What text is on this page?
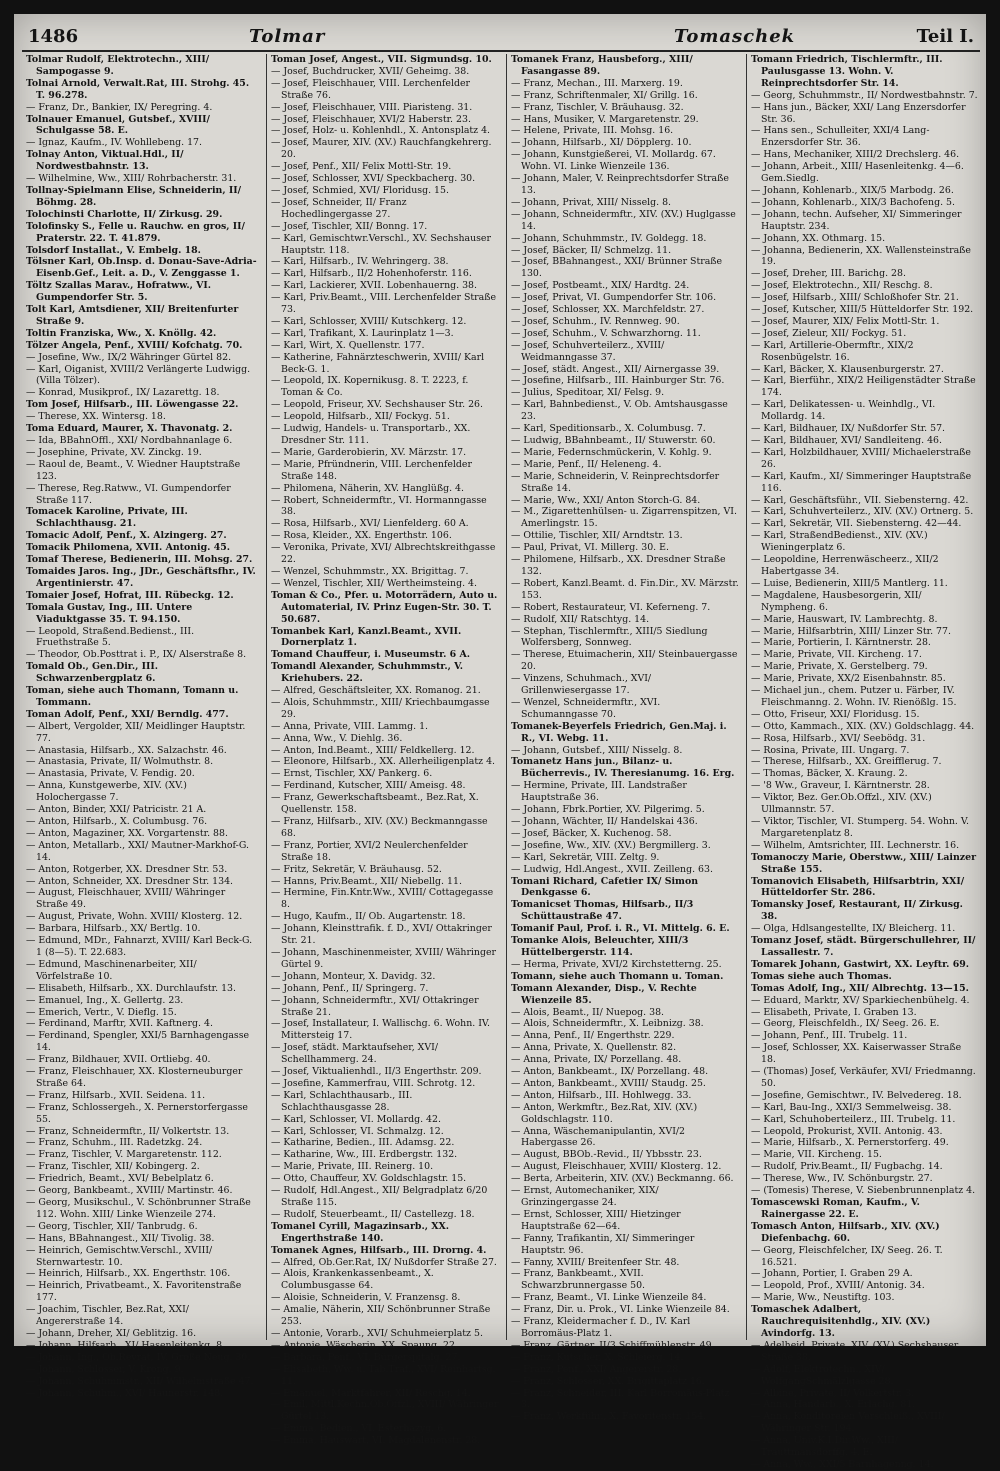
1486	Tolmar	Tomaschek	Teil I.

Tolmar Rudolf, Elektrotechn., XIII/ Sampogasse 9.

Tolnai Arnold, Verwalt.Rat, III. Strohg. 45. T. 96.278.

— Franz, Dr., Bankier, IX/ Peregring. 4.

Tolnauer Emanuel, Gutsbef., XVIII/ Schulgasse 58. E.

— Ignaz, Kaufm., IV. Wohllebeng. 17.

Tolnay Anton, Viktual.Hdl., II/ Nordwestbahnstr. 13.

— Wilhelmine, Ww., XIII/ Rohrbacherstr. 31.

Tollnay-Spielmann Elise, Schneiderin, II/ Böhmg. 28.

Tolochinsti Charlotte, II/ Zirkusg. 29.

Tolofinsky S., Felle u. Rauchw. en gros, II/ Praterstr. 22. T. 41.879.

Tolsdorf Installat., V. Embelg. 18.

Tölsner Karl, Ob.Insp. d. Donau-Save-Adria-Eisenb.Gef., Leit. a. D., V. Zenggasse 1.

Töltz Szallas Marav., Hofratww., VI. Gumpendorfer Str. 5.

Tolt Karl, Amtsdiener, XII/ Breitenfurter Straße 9.

Toltin Franziska, Ww., X. Knöllg. 42.

Tölzer Angela, Penf., XVIII/ Kofchatg. 70.

— Josefine, Ww., IX/2 Währinger Gürtel 82.

— Karl, Oiganist, XVIII/2 Verlängerte Ludwigg. (Villa Tölzer).

— Konrad, Musikprof., IX/ Lazarettg. 18.

Tom Josef, Hilfsarb., III. Löwengasse 22.

— Therese, XX. Wintersg. 18.

Toma Eduard, Maurer, X. Thavonatg. 2.

— Ida, BBahnOffl., XXI/ Nordbahnanlage 6.

— Josephine, Private, XV. Zinckg. 19.

— Raoul de, Beamt., V. Wiedner Hauptstraße 123.

— Therese, Reg.Ratww., VI. Gumpendorfer Straße 117.

Tomacek Karoline, Private, III. Schlachthausg. 21.

Tomacic Adolf, Penf., X. Alzingerg. 27.

Tomacik Philomena, XVII. Antonig. 45.

Tomaf Therese, Bedienerin, III. Mohsg. 27.

Tomaides Jaros. Ing., JDr., Geschäftsfhr., IV. Argentinierstr. 47.

Tomaier Josef, Hofrat, III. Rübeckg. 12.

Tomala Gustav, Ing., III. Untere Viaduktgasse 35. T. 94.150.

— Leopold, Straßend.Bedienst., III. Fruethstraße 5.

— Theodor, Ob.Posttrat i. P., IX/ Alserstraße 8.

Tomald Ob., Gen.Dir., III. Schwarzenbergplatz 6.

Toman, siehe auch Thomann, Tomann u. Tommann.

Toman Adolf, Penf., XXI/ Berndlg. 477.

— Albert, Vergolder, XII/ Meidlinger Hauptstr. 77.

— Anastasia, Hilfsarb., XX. Salzachstr. 46.

— Anastasia, Private, II/ Wolmuthstr. 8.

— Anastasia, Private, V. Fendig. 20.

— Anna, Kunstgewerbe, XIV. (XV.) Holochergasse 7.

— Anton, Binder, XXI/ Patricistr. 21 A.

— Anton, Hilfsarb., X. Columbusg. 76.

— Anton, Magaziner, XX. Vorgartenstr. 88.

— Anton, Metallarb., XXI/ Mautner-Markhof-G. 14.

— Anton, Rotgerber, XX. Dresdner Str. 53.

— Anton, Schneider, XX. Dresdner Str. 134.

— August, Fleischhauer, XVIII/ Währinger Straße 49.

— August, Private, Wohn. XVIII/ Klosterg. 12.

— Barbara, Hilfsarb., XX/ Bertlg. 10.

— Edmund, MDr., Fahnarzt, XVIII/ Karl Beck-G. 1 (8—5). T. 22.683.

— Edmund, Maschinenarbeiter, XII/ Vörfelstraße 10.

— Elisabeth, Hilfsarb., XX. Durchlaufstr. 13.

— Emanuel, Ing., X. Gellertg. 23.

— Emerich, Vertr., V. Dieflg. 15.

— Ferdinand, Marftr, XVII. Kaftnerg. 4.

— Ferdinand, Spengler, XXI/5 Barnhagengasse 14.

— Franz, Bildhauer, XVII. Ortliebg. 40.

— Franz, Fleischhauer, XX. Klosterneuburger Straße 64.

— Franz, Hilfsarb., XVII. Seidena. 11.

— Franz, Schlossergeh., X. Pernerstorfergasse 55.

— Franz, Schneidermftr., II/ Volkertstr. 13.

— Franz, Schuhm., III. Radetzkg. 24.

— Franz, Tischler, V. Margaretenstr. 112.

— Franz, Tischler, XII/ Kobingerg. 2.

— Friedrich, Beamt., XVI/ Bebelplatz 6.

— Georg, Bankbeamt., XVIII/ Martinstr. 46.

— Georg, Musikschul., V. Schönbrunner Straße 112. Wohn. XIII/ Linke Wienzeile 274.

— Georg, Tischler, XII/ Tanbrudg. 6.

— Hans, BBahnangest., XII/ Tivolig. 38.

— Heinrich, Gemischtw.Verschl., XVIII/ Sternwartestr. 10.

— Heinrich, Hilfsarb., XX. Engerthstr. 106.

— Heinrich, Privatbeamt., X. Favoritenstraße 177.

— Joachim, Tischler, Bez.Rat, XXI/ Angererstraße 14.

— Johann, Dreher, XI/ Geblitzig. 16.

— Johann, Hilfsarb., XI/ Hasenleitenkg. 8.

— Johann, Ing., Ob.Revrat, IV. Große Neug. 30.

— Johann, Schlosser, V. Krong. 9.

— Johann, Schuhmmstr., XII/ Wilhelmstraße 47.

— Johann, Schuhm., XVI/ Haunerstr. 148.

Toman Josef, Angest., VII. Sigmundsg. 10.

— Josef, Buchdrucker, XVII/ Geheimg. 38.

— Josef, Fleischhauer, VIII. Lerchenfelder Straße 76.

— Josef, Fleischhauer, VIII. Piaristeng. 31.

— Josef, Fleischhauer, XVI/2 Haberstr. 23.

— Josef, Holz- u. Kohlenhdl., X. Antonsplatz 4.

— Josef, Maurer, XIV. (XV.) Rauchfangkehrerg. 20.

— Josef, Penf., XII/ Felix Mottl-Str. 19.

— Josef, Schlosser, XVI/ Speckbacherg. 30.

— Josef, Schmied, XVI/ Floridusg. 15.

— Josef, Schneider, II/ Franz Hochedlingergasse 27.

— Josef, Tischler, XII/ Bonng. 17.

— Karl, Gemischtwr.Verschl., XV. Sechshauser Hauptstr. 118.

— Karl, Hilfsarb., IV. Wehringerg. 38.

— Karl, Hilfsarb., II/2 Hohenhoferstr. 116.

— Karl, Lackierer, XVII. Lobenhauerng. 38.

— Karl, Priv.Beamt., VIII. Lerchenfelder Straße 73.

— Karl, Schlosser, XVIII/ Kutschkerg. 12.

— Karl, Trafikant, X. Laurinplatz 1—3.

— Karl, Wirt, X. Quellenstr. 177.

— Katherine, Fahnärzteschwerin, XVIII/ Karl Beck-G. 1.

— Leopold, IX. Kopernikusg. 8. T. 2223, f. Toman & Co.

— Leopold, Friseur, XV. Sechshauser Str. 26.

— Leopold, Hilfsarb., XII/ Fockyg. 51.

— Ludwig, Handels- u. Transportarb., XX. Dresdner Str. 111.

— Marie, Garderobierin, XV. Märzstr. 17.

— Marie, Pfründnerin, VIII. Lerchenfelder Straße 148.

— Philomena, Näherin, XV. Hanglüßg. 4.

— Robert, Schneidermftr., VI. Hormanngasse 38.

— Rosa, Hilfsarb., XVI/ Lienfelderg. 60 A.

— Rosa, Kleider., XX. Engerthstr. 106.

— Veronika, Private, XVI/ Albrechtskreithgasse 22.

— Wenzel, Schuhmmstr., XX. Brigittag. 7.

— Wenzel, Tischler, XII/ Wertheimsteing. 4.

Toman & Co., Pfer. u. Motorrädern, Auto u. Automaterial, IV. Prinz Eugen-Str. 30. T. 50.687.

Tomanbek Karl, Kanzl.Beamt., XVII. Dornerplatz 1.

Tomand Chauffeur, i. Museumstr. 6 A.

Tomandl Alexander, Schuhmmstr., V. Kriehubers. 22.

— Alfred, Geschäftsleiter, XX. Romanog. 21.

— Alois, Schuhmmstr., XIII/ Kriechbaumgasse 29.

— Anna, Private, VIII. Lammg. 1.

— Anna, Ww., V. Diehlg. 36.

— Anton, Ind.Beamt., XIII/ Feldkellerg. 12.

— Eleonore, Hilfsarb., XX. Allerheiligenplatz 4.

— Ernst, Tischler, XX/ Pankerg. 6.

— Ferdinand, Kutscher, XIII/ Ameisg. 48.

— Franz, Gewerkschaftsbeamt., Bez.Rat, X. Quellenstr. 158.

— Franz, Hilfsarb., XIV. (XV.) Beckmanngasse 68.

— Franz, Portier, XVI/2 Neulerchenfelder Straße 18.

— Fritz, Sekretär, V. Bräuhausg. 52.

— Hanns, Priv.Beamt., XII/ Niebellg. 11.

— Hermine, Fin.Kntr.Ww., XVIII/ Cottagegasse 8.

— Hugo, Kaufm., II/ Ob. Augartenstr. 18.

— Johann, Kleinsttrafik. f. D., XVI/ Ottakringer Str. 21.

— Johann, Maschinenmeister, XVIII/ Währinger Gürtel 9.

— Johann, Monteur, X. Davidg. 32.

— Johann, Penf., II/ Springerg. 7.

— Johann, Schneidermftr., XVI/ Ottakringer Straße 21.

— Josef, Installateur, I. Wallischg. 6. Wohn. IV. Mittersteig 17.

— Josef, städt. Marktaufseher, XVI/ Schellhammerg. 24.

— Josef, Viktualienhdl., II/3 Engerthstr. 209.

— Josefine, Kammerfrau, VIII. Schrotg. 12.

— Karl, Schlachthausarb., III. Schlachthausgasse 28.

— Karl, Schlosser, VI. Mollardg. 42.

— Karl, Schlosser, VI. Schmalzg. 12.

— Katharine, Bedien., III. Adamsg. 22.

— Katharine, Ww., III. Erdbergstr. 132.

— Marie, Private, III. Reinerg. 10.

— Otto, Chauffeur, XV. Goldschlagstr. 15.

— Rudolf, Hdl.Angest., XII/ Belgradplatz 6/20 Straße 115.

— Rudolf, Steuerbeamt., II/ Castellezg. 18.

Tomanel Cyrill, Magazinsarb., XX. Engerthstraße 140.

Tomanek Agnes, Hilfsarb., III. Drorng. 4.

— Alfred, Ob.Ger.Rat, IX/ Nußdorfer Straße 27.

— Alois, Krankenkassenbeamt., X. Columbusgasse 64.

— Aloisie, Schneiderin, V. Franzensg. 8.

— Amalie, Näherin, XII/ Schönbrunner Straße 253.

— Antonie, Vorarb., XVI/ Schuhmeierplatz 5.

— Antonie, Wäscherin, XX. Spaung. 22.

— Barbara, Penf., VI. Bürgerspitalg. 27.

— Elisabeth, Ww. u. Tab.Traf., XVI/ Reinhartsg. 11.

— Emanuel, Marktfahrer, XII/ Reschg. 14.

— Emil, Mittl.Kechn.Ob.Offzl., XVIII/ Währinger Gürtel 13.

— Emma, Bedien., VI. Esterhazyg. 6.

— Emma, Hauswart, VI. Magdalenenstr. 28.

Tomanek Franz, Hausbeforg., XIII/ Fasangasse 89.

— Franz, Mechan., III. Marxerg. 19.

— Franz, Schriftenmaler, XI/ Grillg. 16.

— Franz, Tischler, V. Bräuhausg. 32.

— Hans, Musiker, V. Margaretenstr. 29.

— Helene, Private, III. Mohsg. 16.

— Johann, Hilfsarb., XI/ Döpplerg. 10.

— Johann, Kunstgießerei, VI. Mollardg. 67. Wohn. VI. Linke Wienzeile 136.

— Johann, Maler, V. Reinprechtsdorfer Straße 13.

— Johann, Privat, XIII/ Nisselg. 8.

— Johann, Schneidermftr., XIV. (XV.) Huglgasse 14.

— Johann, Schuhmmstr., IV. Goldegg. 18.

— Josef, Bäcker, II/ Schmelzg. 11.

— Josef, BBahnangest., XXI/ Brünner Straße 130.

— Josef, Postbeamt., XIX/ Hardtg. 24.

— Josef, Privat, VI. Gumpendorfer Str. 106.

— Josef, Schlosser, XX. Marchfeldstr. 27.

— Josef, Schuhm., IV. Rennweg. 90.

— Josef, Schuhm., V. Schwarzhorng. 11.

— Josef, Schuhverteilerz., XVIII/ Weidmanngasse 37.

— Josef, städt. Angest., XII/ Airnergasse 39.

— Josefine, Hilfsarb., III. Hainburger Str. 76.

— Julius, Speditoar, XI/ Felsg. 9.

— Karl, Bahnbedienst., V. Ob. Amtshausgasse 23.

— Karl, Speditionsarb., X. Columbusg. 7.

— Ludwig, BBahnbeamt., II/ Stuwerstr. 60.

— Marie, Federnschmückerin, V. Kohlg. 9.

— Marie, Penf., II/ Heleneng. 4.

— Marie, Schneiderin, V. Reinprechtsdorfer Straße 14.

— Marie, Ww., XXI/ Anton Storch-G. 84.

— M., Zigarettenhülsen- u. Zigarrenspitzen, VI. Amerlingstr. 15.

— Ottilie, Tischler, XII/ Arndtstr. 13.

— Paul, Privat, VI. Millerg. 30. E.

— Philomene, Hilfsarb., XX. Dresdner Straße 132.

— Robert, Kanzl.Beamt. d. Fin.Dir., XV. Märzstr. 153.

— Robert, Restaurateur, VI. Keferneng. 7.

— Rudolf, XII/ Ratschtyg. 14.

— Stephan, Tischlermftr., XIII/5 Siedlung Wolfersberg, Sonnweg.

— Therese, Etuimacherin, XII/ Steinbauergasse 20.

— Vinzens, Schuhmach., XVI/ Grillenwiesergasse 17.

— Wenzel, Schneidermftr., XVI. Schumanngasse 70.

Tomanek-Beyerfels Friedrich, Gen.Maj. i. R., VI. Webg. 11.

— Johann, Gutsbef., XIII/ Nisselg. 8.

Tomanetz Hans jun., Bilanz- u. Bücherrevis., IV. Theresianumg. 16. Erg.

— Hermine, Private, III. Landstraßer Hauptstraße 36.

— Johann, Fbrk.Portier, XV. Pilgerimg. 5.

— Johann, Wächter, II/ Handelskai 436.

— Josef, Bäcker, X. Kuchenog. 58.

— Josefine, Ww., XIV. (XV.) Bergmillerg. 3.

— Karl, Sekretär, VIII. Zeltg. 9.

— Ludwig, Hdl.Angest., XVII. Zeilleng. 63.

Tomani Richard, Cafetier IX/ Simon Denkgasse 6.

Tomanicset Thomas, Hilfsarb., II/3 Schüttaustraße 47.

Tomanif Paul, Prof. i. R., VI. Mittelg. 6. E.

Tomanke Alois, Beleuchter, XIII/3 Hüttelbergerstr. 114.

— Herma, Private, XVI/2 Kirchstetterng. 25.

Tomann, siehe auch Thomann u. Toman.

Tomann Alexander, Disp., V. Rechte Wienzeile 85.

— Alois, Beamt., II/ Nuepog. 38.

— Alois, Schneidermftr., X. Leibnizg. 38.

— Anna, Penf., II/ Engerthstr. 229.

— Anna, Private, X. Quellenstr. 82.

— Anna, Private, IX/ Porzellang. 48.

— Anton, Bankbeamt., IX/ Porzellang. 48.

— Anton, Bankbeamt., XVIII/ Staudg. 25.

— Anton, Hilfsarb., III. Hohlwegg. 33.

— Anton, Werkmftr., Bez.Rat, XIV. (XV.) Goldschlagstr. 110.

— Anna, Wäschemanipulantin, XVI/2 Habergasse 26.

— August, BBOb.-Revid., II/ Ybbsstr. 23.

— August, Fleischhauer, XVIII/ Klosterg. 12.

— Berta, Arbeiterin, XIV. (XV.) Beckmanng. 66.

— Ernst, Automechaniker, XIX/ Grinzingergasse 24.

— Ernst, Schlosser, XIII/ Hietzinger Hauptstraße 62—64.

— Fanny, Trafikantin, XI/ Simmeringer Hauptstr. 96.

— Fanny, XVIII/ Breitenfeer Str. 48.

— Franz, Bankbeamt., XVII. Schwarzbrunnergasse 50.

— Franz, Beamt., VI. Linke Wienzeile 84.

— Franz, Dir. u. Prok., VI. Linke Wienzeile 84.

— Franz, Kleidermacher f. D., IV. Karl Borromäus-Platz 1.

— Franz, Gärtner, II/3 Schiffmühlenstr. 49.

— Franz, Kutscher, X. Schleierg. 14.

— Franz, Penf., XXI/ Angererstr. 28.

— Franz, Schlosser, XX. Brigittaplatz 16.

— Franz, Schneider, III. Karl Borromäus-Platz 3.

— Franz, Werkführ., X. Favoritenstr. 154.

Tomann Friedrich, Tischlermftr., III. Paulusgasse 13. Wohn. V. Reinprechtsdorfer Str. 14.

— Georg, Schuhmmstr., II/ Nordwestbahnstr. 7.

— Hans jun., Bäcker, XXI/ Lang Enzersdorfer Str. 36.

— Hans sen., Schulleiter, XXI/4 Lang-Enzersdorfer Str. 36.

— Hans, Mechaniker, XIII/2 Drechslerg. 46.

— Johann, Arbeit., XIII/ Hasenleitenkg. 4—6. Gem.Siedlg.

— Johann, Kohlenarb., XIX/5 Marbodg. 26.

— Johann, Kohlenarb., XIX/3 Bachofeng. 5.

— Johann, techn. Aufseher, XI/ Simmeringer Hauptstr. 234.

— Johann, XX. Othmarg. 15.

— Johanna, Bedienerin, XX. Wallensteinstraße 19.

— Josef, Dreher, III. Barichg. 28.

— Josef, Elektrotechn., XII/ Reschg. 8.

— Josef, Hilfsarb., XIII/ Schloßhofer Str. 21.

— Josef, Kutscher, XIII/5 Hütteldorfer Str. 192.

— Josef, Maurer, XIX/ Felix Mottl-Str. 1.

— Josef, Zieleur, XII/ Fockyg. 51.

— Karl, Artillerie-Obermftr., XIX/2 Rosenbügelstr. 16.

— Karl, Bäcker, X. Klausenburgerstr. 27.

— Karl, Bierführ., XIX/2 Heiligenstädter Straße 174.

— Karl, Delikatessen- u. Weinhdlg., VI. Mollardg. 14.

— Karl, Bildhauer, IX/ Nußdorfer Str. 57.

— Karl, Bildhauer, XVI/ Sandleiteng. 46.

— Karl, Holzbildhauer, XVIII/ Michaelerstraße 26.

— Karl, Kaufm., XI/ Simmeringer Hauptstraße 116.

— Karl, Geschäftsführ., VII. Siebensterng. 42.

— Karl, Schuhverteilerz., XIV. (XV.) Ortnerg. 5.

— Karl, Sekretär, VII. Siebensterng. 42—44.

— Karl, StraßendBedienst., XIV. (XV.) Wieningerplatz 6.

— Leopoldine, Herrenwäscheerz., XII/2 Habertgasse 34.

— Luise, Bedienerin, XIII/5 Mantlerg. 11.

— Magdalene, Hausbesorgerin, XII/ Nympheng. 6.

— Marie, Hauswart, IV. Lambrechtg. 8.

— Marie, Hilfsarbtrin, XIII/ Linzer Str. 77.

— Marie, Portierin, I. Kärntnerstr. 28.

— Marie, Private, VII. Kircheng. 17.

— Marie, Private, X. Gerstelberg. 79.

— Marie, Private, XX/2 Eisenbahnstr. 85.

— Michael jun., chem. Putzer u. Färber, IV. Fleischmanng. 2. Wohn. IV. Rienößlg. 15.

— Otto, Friseur, XXI/ Floridusg. 15.

— Otto, Kammach., XIX. (XV.) Goldschlagg. 44.

— Rosa, Hilfsarb., XVI/ Seebödg. 31.

— Rosina, Private, III. Ungarg. 7.

— Therese, Hilfsarb., XX. Greifflerug. 7.

— Thomas, Bäcker, X. Kraung. 2.

— '8 Ww., Graveur, I. Kärntnerstr. 28.

— Viktor, Bez. Ger.Ob.Offzl., XIV. (XV.) Ullmannstr. 57.

— Viktor, Tischler, VI. Stumperg. 54. Wohn. V. Margaretenplatz 8.

— Wilhelm, Amtsrichter, III. Lechnerstr. 16.

Tomanoczy Marie, Oberstww., XIII/ Lainzer Straße 155.

Tomanovich Elisabeth, Hilfsarbtrin, XXI/ Hütteldorfer Str. 286.

Tomansky Josef, Restaurant, II/ Zirkusg. 38.

— Olga, Hdlsangestellte, IX/ Bleicherg. 11.

Tomanz Josef, städt. Bürgerschullehrer, II/ Lassallestr. 7.

Tomarek Johann, Gastwirt, XX. Leyftr. 69.

Tomas siehe auch Thomas.

Tomas Adolf, Ing., XII/ Albrechtg. 13—15.

— Eduard, Marktr, XV/ Sparkiechenbühelg. 4.

— Elisabeth, Private, I. Graben 13.

— Georg, Fleischfeldh., IX/ Seeg. 26. E.

— Johann, Penf., III. Trubelg. 11.

— Josef, Schlosser, XX. Kaiserwasser Straße 18.

— (Thomas) Josef, Verkäufer, XVI/ Friedmanng. 50.

— Josefine, Gemischtwr., IV. Belvedereg. 18.

— Karl, Bau-Ing., XXI/3 Semmelweisg. 38.

— Karl, Schuhoberteilerz., III. Trubelg. 11.

— Leopold, Prokurist, XVII. Antonig. 43.

— Marie, Hilfsarb., X. Pernerstorferg. 49.

— Marie, VII. Kircheng. 15.

— Rudolf, Priv.Beamt., II/ Fugbachg. 14.

— Therese, Ww., IV. Schönburgstr. 27.

— (Tomesis) Therese, V. Siebenbrunnenplatz 4.

Tomascewski Roman, Kaufm., V. Rainergasse 22. E.

Tomasch Anton, Hilfsarb., XIV. (XV.) Diefenbachg. 60.

— Georg, Fleischfelcher, IX/ Seeg. 26. T. 16.521.

— Johann, Portier, I. Graben 29 A.

— Leopold, Prof., XVIII/ Antonig. 34.

— Marie, Ww., Neustiftg. 103.

Tomaschek Adalbert, Rauchrequisitenhdlg., XIV. (XV.) Avindorfg. 13.

— Adelheid, Private, XIV. (XV.) Sechshauser Straße 38.

— Adolf, Elektrotechn., XIV/ WolfgangSchmälzlgasse 28.

— Albine, Private, II/ Volkertstr. 3.

— Anna, Handarb., X. Erlachg. 81.

— Anna, Konditoreien Verschleiß., XVIII/ Währinger Str. 194.

— Anna, Univ.K.I.Dir.Ww., XIII/ Trauttmansdorffg. 4. E.

— Anna, Ww., XXI/5 Barnhagenng. 14.
